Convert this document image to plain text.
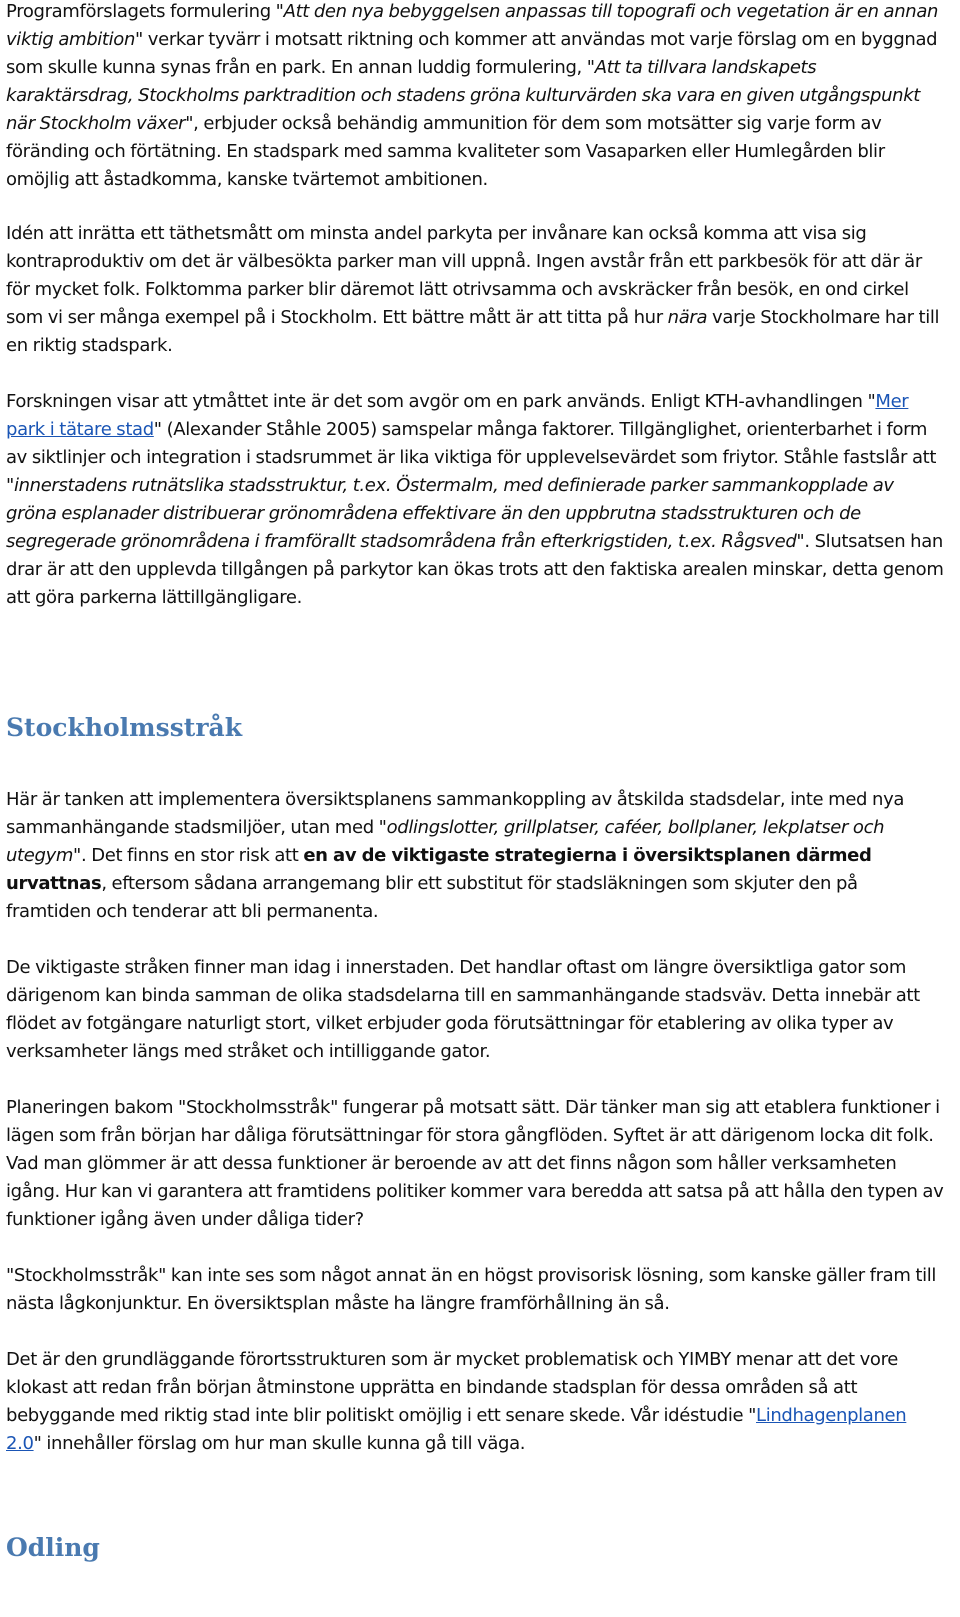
Programförslagets formulering "Att den nya bebyggelsen anpassas till topografi och vegetation är en annan viktig ambition" verkar tyvärr i motsatt riktning och kommer att användas mot varje förslag om en byggnad som skulle kunna synas från en park. En annan luddig formulering, "Att ta tillvara landskapets karaktärsdrag, Stockholms parktradition och stadens gröna kulturvärden ska vara en given utgångspunkt när Stockholm växer", erbjuder också behändig ammunition för dem som motsätter sig varje form av föränding och förtätning. En stadspark med samma kvaliteter som Vasaparken eller Humlegården blir omöjlig att åstadkomma, kanske tvärtemot ambitionen.

Idén att inrätta ett täthetsmått om minsta andel parkyta per invånare kan också komma att visa sig kontraproduktiv om det är välbesökta parker man vill uppnå. Ingen avstår från ett parkbesök för att där är för mycket folk. Folktomma parker blir däremot lätt otrivsamma och avskräcker från besök, en ond cirkel som vi ser många exempel på i Stockholm. Ett bättre mått är att titta på hur nära varje Stockholmare har till en riktig stadspark.

Forskningen visar att ytmåttet inte är det som avgör om en park används. Enligt KTH-avhandlingen "Mer park i tätare stad" (Alexander Ståhle 2005) samspelar många faktorer. Tillgänglighet, orienterbarhet i form av siktlinjer och integration i stadsrummet är lika viktiga för upplevelsevärdet som friytor. Ståhle fastslår att "innerstadens rutnätslika stadsstruktur, t.ex. Östermalm, med definierade parker sammankopplade av gröna esplanader distribuerar grönområdena effektivare än den uppbrutna stadsstrukturen och de segregerade grönområdena i framförallt stadsområdena från efterkrigstiden, t.ex. Rågsved". Slutsatsen han drar är att den upplevda tillgången på parkytor kan ökas trots att den faktiska arealen minskar, detta genom att göra parkerna lättillgängligare.

Stockholmsstråk

Här är tanken att implementera översiktsplanens sammankoppling av åtskilda stadsdelar, inte med nya sammanhängande stadsmiljöer, utan med "odlingslotter, grillplatser, caféer, bollplaner, lekplatser och utegym". Det finns en stor risk att en av de viktigaste strategierna i översiktsplanen därmed urvattnas, eftersom sådana arrangemang blir ett substitut för stadsläkningen som skjuter den på framtiden och tenderar att bli permanenta.

De viktigaste stråken finner man idag i innerstaden. Det handlar oftast om längre översiktliga gator som därigenom kan binda samman de olika stadsdelarna till en sammanhängande stadsväv. Detta innebär att flödet av fotgängare naturligt stort, vilket erbjuder goda förutsättningar för etablering av olika typer av verksamheter längs med stråket och intilliggande gator.

Planeringen bakom "Stockholmsstråk" fungerar på motsatt sätt. Där tänker man sig att etablera funktioner i lägen som från början har dåliga förutsättningar för stora gångflöden. Syftet är att därigenom locka dit folk. Vad man glömmer är att dessa funktioner är beroende av att det finns någon som håller verksamheten igång. Hur kan vi garantera att framtidens politiker kommer vara beredda att satsa på att hålla den typen av funktioner igång även under dåliga tider?

"Stockholmsstråk" kan inte ses som något annat än en högst provisorisk lösning, som kanske gäller fram till nästa lågkonjunktur. En översiktsplan måste ha längre framförhållning än så.

Det är den grundläggande förortsstrukturen som är mycket problematisk och YIMBY menar att det vore klokast att redan från början åtminstone upprätta en bindande stadsplan för dessa områden så att bebyggande med riktig stad inte blir politiskt omöjlig i ett senare skede. Vår idéstudie "Lindhagenplanen 2.0" innehåller förslag om hur man skulle kunna gå till väga.

Odling
